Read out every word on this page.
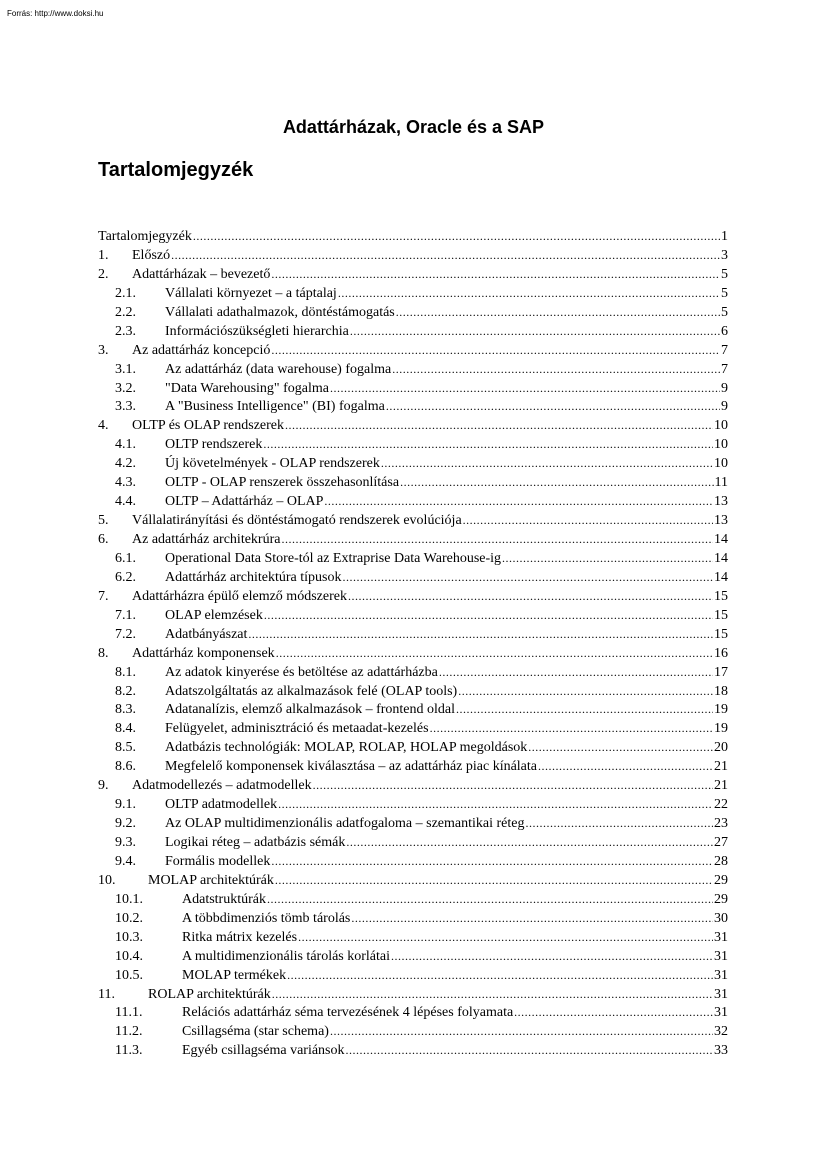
Forrás: http://www.doksi.hu
Adattárházak, Oracle és a SAP
Tartalomjegyzék
Tartalomjegyzék .....	1
1.	Előszó .....	3
2.	Adattárházak – bevezető .....	5
2.1.	Vállalati környezet – a táptalaj .....	5
2.2.	Vállalati adathalmazok, döntéstámogatás .....	5
2.3.	Információszükségleti hierarchia .....	6
3.	Az adattárház koncepció .....	7
3.1.	Az adattárház (data warehouse) fogalma .....	7
3.2.	"Data Warehousing" fogalma .....	9
3.3.	A "Business Intelligence" (BI) fogalma .....	9
4.	OLTP és OLAP rendszerek .....	10
4.1.	OLTP rendszerek .....	10
4.2.	Új követelmények - OLAP rendszerek .....	10
4.3.	OLTP - OLAP renszerek összehasonlítása .....	11
4.4.	OLTP – Adattárház – OLAP .....	13
5.	Vállalatirányítási és döntéstámogató rendszerek evolúciója .....	13
6.	Az adattárház architekrúra .....	14
6.1.	Operational Data Store-tól az Extraprise Data Warehouse-ig .....	14
6.2.	Adattárház architektúra típusok .....	14
7.	Adattárházra épülő elemző módszerek .....	15
7.1.	OLAP elemzések .....	15
7.2.	Adatbányászat .....	15
8.	Adattárház komponensek .....	16
8.1.	Az adatok kinyerése és betöltése az adattárházba .....	17
8.2.	Adatszolgáltatás az alkalmazások felé (OLAP tools) .....	18
8.3.	Adatanalízis, elemző alkalmazások – frontend oldal .....	19
8.4.	Felügyelet, adminisztráció és metaadat-kezelés .....	19
8.5.	Adatbázis technológiák: MOLAP, ROLAP, HOLAP megoldások .....	20
8.6.	Megfelelő komponensek kiválasztása – az adattárház piac kínálata .....	21
9.	Adatmodellezés – adatmodellek .....	21
9.1.	OLTP adatmodellek .....	22
9.2.	Az OLAP multidimenzionális adatfogaloma – szemantikai réteg .....	23
9.3.	Logikai réteg – adatbázis sémák .....	27
9.4.	Formális modellek .....	28
10.	MOLAP architektúrák .....	29
10.1.	Adatstruktúrák .....	29
10.2.	A többdimenziós tömb tárolás .....	30
10.3.	Ritka mátrix kezelés .....	31
10.4.	A multidimenzionális tárolás korlátai .....	31
10.5.	MOLAP termékek .....	31
11.	ROLAP architektúrák .....	31
11.1.	Relációs adattárház séma tervezésének 4 lépéses folyamata .....	31
11.2.	Csillagséma (star schema) .....	32
11.3.	Egyéb csillagséma variánsok .....	33
